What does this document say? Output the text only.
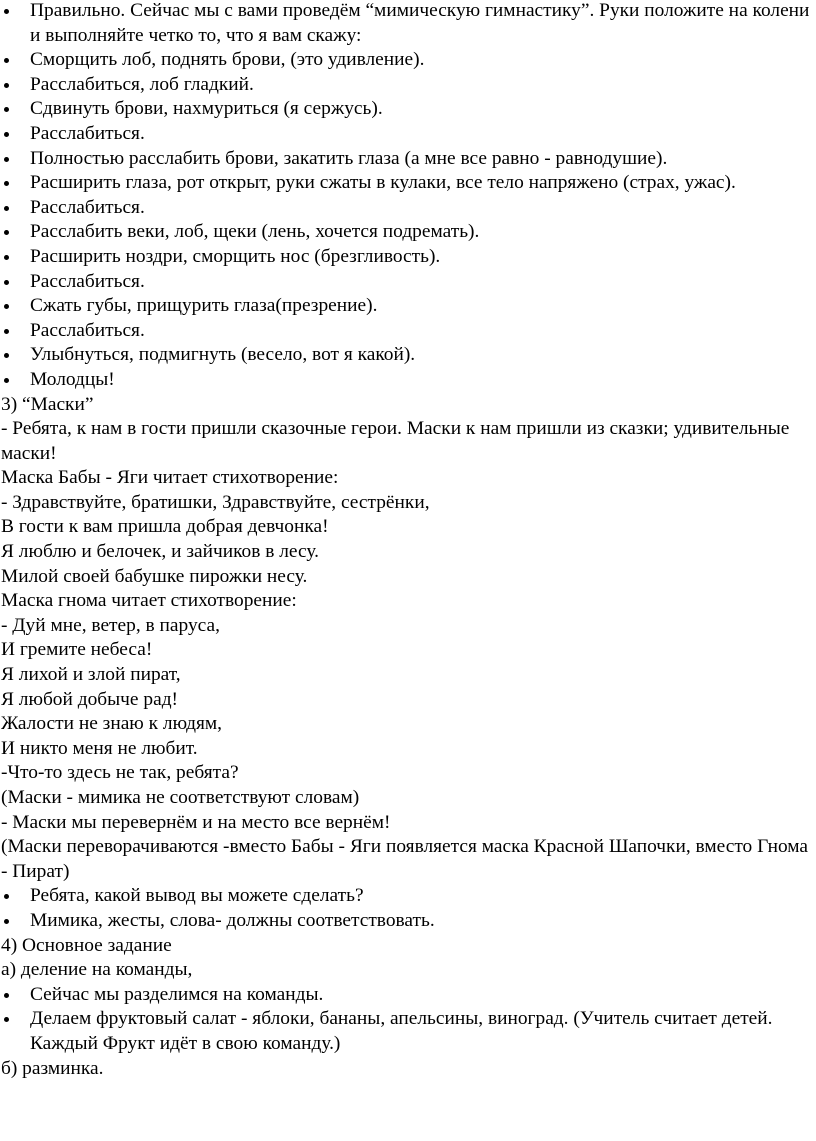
Правильно. Сейчас мы с вами проведём “мимическую гимнастику”. Руки положите на колени и выполняйте четко то, что я вам скажу:
Сморщить лоб, поднять брови, (это удивление).
Расслабиться, лоб гладкий.
Сдвинуть брови, нахмуриться (я сержусь).
Расслабиться.
Полностью расслабить брови, закатить глаза (а мне все равно - равнодушие).
Расширить глаза, рот открыт, руки сжаты в кулаки, все тело напряжено (страх, ужас).
Расслабиться.
Расслабить веки, лоб, щеки (лень, хочется подремать).
Расширить ноздри, сморщить нос (брезгливость).
Расслабиться.
Сжать губы, прищурить глаза(презрение).
Расслабиться.
Улыбнуться, подмигнуть (весело, вот я какой).
Молодцы!

3) “Маски”

- Ребята, к нам в гости пришли сказочные герои. Маски к нам пришли из сказки; удивительные маски!

Маска Бабы - Яги читает стихотворение:

- Здравствуйте, братишки, Здравствуйте, сестрёнки,

В гости к вам пришла добрая девчонка!

Я люблю и белочек, и зайчиков в лесу.

Милой своей бабушке пирожки несу.

Маска гнома читает стихотворение:

- Дуй мне, ветер, в паруса,

И гремите небеса!

Я лихой и злой пират,

Я любой добыче рад!

Жалости не знаю к людям,

И никто меня не любит.

-Что-то здесь не так, ребята?

(Маски - мимика не соответствуют словам)

- Маски мы перевернём и на место все вернём!

(Маски переворачиваются -вместо Бабы - Яги появляется маска Красной Шапочки, вместо Гнома - Пират)

Ребята, какой вывод вы можете сделать?
Мимика, жесты, слова- должны соответствовать.

4) Основное задание

а) деление на команды,

Сейчас мы разделимся на команды.
Делаем фруктовый салат - яблоки, бананы, апельсины, виноград. (Учитель считает детей. Каждый Фрукт идёт в свою команду.)

б) разминка.
